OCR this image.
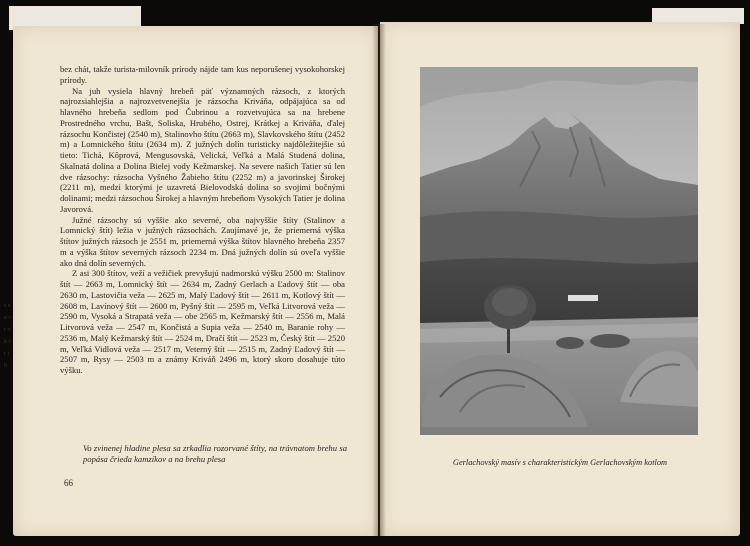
s e a v r o k š r i b

bez chát, takže turista-milovník prírody nájde tam kus neporušenej vysokohorskej prírody.

Na juh vysiela hlavný hrebeň päť významných rázsoch, z ktorých najrozsiahlejšia a najrozvetvenejšia je rázsocha Kriváňa, odpájajúca sa od hlavného hrebeňa sedlom pod Čubrinou a rozvetvujúca sa na hrebene Prostredného vrchu, Bašt, Soliska, Hrubého, Ostrej, Krátkej a Kriváňa, ďalej rázsochu Končistej (2540 m), Stalinovho štítu (2663 m), Slavkovského štítu (2452 m) a Lomnického štítu (2634 m). Z južných dolín turisticky najdôležitejšie sú tieto: Tichá, Kôprová, Mengusovská, Velická, Veľká a Malá Studená dolina, Skalnatá dolina a Dolina Bielej vody Kežmarskej. Na severe našich Tatier sú len dve rázsochy: rázsocha Vyšného Žabieho štítu (2252 m) a javorinskej Širokej (2211 m), medzi ktorými je uzavretá Bielovodská dolina so svojimi bočnými dolinami; medzi rázsochou Širokej a hlavným hrebeňom Vysokých Tatier je dolina Javorová.

Južné rázsochy sú vyššie ako severné, oba najvyššie štíty (Stalinov a Lomnický štít) ležia v južných rázsochách. Zaujímavé je, že priemerná výška štítov južných rázsoch je 2551 m, priemerná výška štítov hlavného hrebeňa 2357 m a výška štítov severných rázsoch 2234 m. Dná južných dolín sú oveľa vyššie ako dná dolín severných.

Z asi 300 štítov, veží a vežičiek prevyšujú nadmorskú výšku 2500 m: Stalinov štít — 2663 m, Lomnický štít — 2634 m, Zadný Gerlach a Ľadový štít — oba 2630 m, Lastovičia veža — 2625 m, Malý Ľadový štít — 2611 m, Kotlový štít — 2608 m, Lavínový štít — 2600 m, Pyšný štít — 2595 m, Veľká Litvorová veža — 2590 m, Vysoká a Strapatá veža — obe 2565 m, Kežmarský štít — 2556 m, Malá Litvorová veža — 2547 m, Končistá a Supia veža — 2540 m, Baranie rohy — 2536 m, Malý Kežmarský štít — 2524 m, Dračí štít — 2523 m, Český štít — 2520 m, Veľká Vidlová veža — 2517 m, Veterný štít — 2515 m, Zadný Ľadový štít — 2507 m, Rysy — 2503 m a známy Kriváň 2496 m, ktorý skoro dosahuje túto výšku.

Vo zvinenej hladine plesa sa zrkadlia rozorvané štíty, na trávnatom brehu sa popása čriedа kamzíkov a na brehu plesa
66
Gerlachovský masív s charakteristickým Gerlachovským kotlom
